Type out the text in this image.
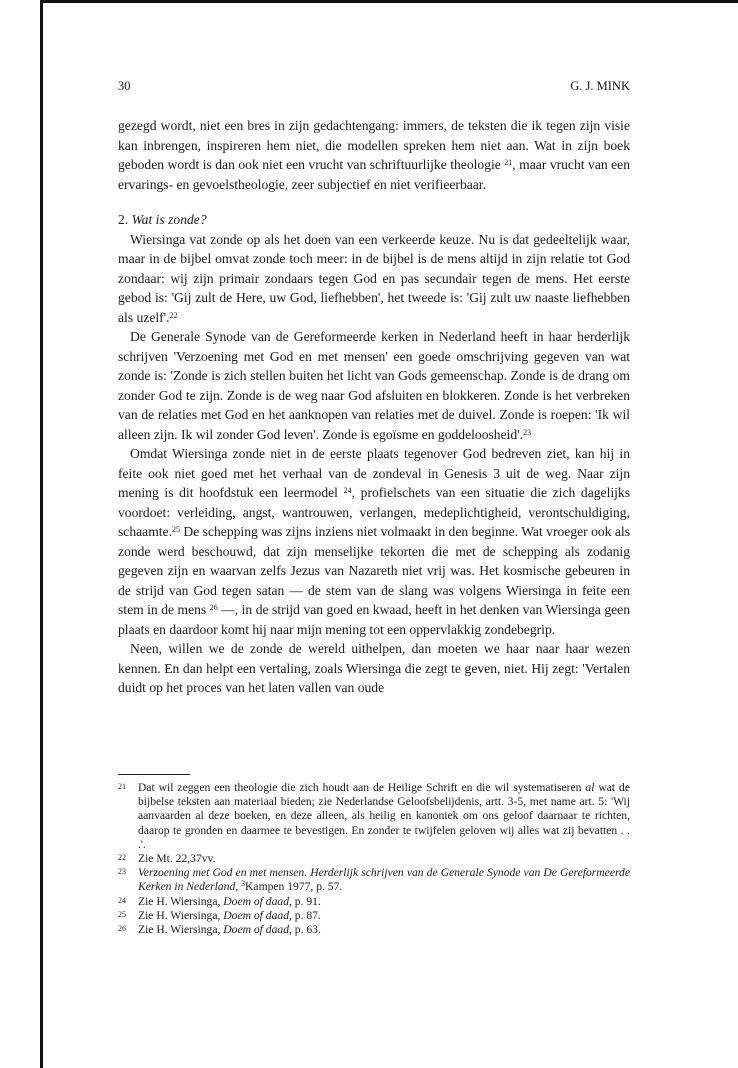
30	G. J. MINK

gezegd wordt, niet een bres in zijn gedachtengang: immers, de teksten die ik tegen zijn visie kan inbrengen, inspireren hem niet, die modellen spreken hem niet aan. Wat in zijn boek geboden wordt is dan ook niet een vrucht van schriftuurlijke theologie $^{21}$, maar vrucht van een ervarings- en gevoelstheologie, zeer subjectief en niet verifieerbaar.

2. Wat is zonde?

Wiersinga vat zonde op als het doen van een verkeerde keuze. Nu is dat gedeeltelijk waar, maar in de bijbel omvat zonde toch meer: in de bijbel is de mens altijd in zijn relatie tot God zondaar: wij zijn primair zondaars tegen God en pas secundair tegen de mens. Het eerste gebod is: 'Gij zult de Here, uw God, liefhebben', het tweede is: 'Gij zult uw naaste liefhebben als uzelf'.$^{22}$

De Generale Synode van de Gereformeerde kerken in Nederland heeft in haar herderlijk schrijven 'Verzoening met God en met mensen' een goede omschrijving gegeven van wat zonde is: 'Zonde is zich stellen buiten het licht van Gods gemeenschap. Zonde is de drang om zonder God te zijn. Zonde is de weg naar God afsluiten en blokkeren. Zonde is het verbreken van de relaties met God en het aanknopen van relaties met de duivel. Zonde is roepen: 'Ik wil alleen zijn. Ik wil zonder God leven'. Zonde is egoïsme en goddeloosheid'.$^{23}$

Omdat Wiersinga zonde niet in de eerste plaats tegenover God bedreven ziet, kan hij in feite ook niet goed met het verhaal van de zondeval in Genesis 3 uit de weg. Naar zijn mening is dit hoofdstuk een leermodel $^{24}$, profielschets van een situatie die zich dagelijks voordoet: verleiding, angst, wantrouwen, verlangen, medeplichtigheid, verontschuldiging, schaamte.$^{25}$ De schepping was zijns inziens niet volmaakt in den beginne. Wat vroeger ook als zonde werd beschouwd, dat zijn menselijke tekorten die met de schepping als zodanig gegeven zijn en waarvan zelfs Jezus van Nazareth niet vrij was. Het kosmische gebeuren in de strijd van God tegen satan — de stem van de slang was volgens Wiersinga in feite een stem in de mens $^{26}$ —, in de strijd van goed en kwaad, heeft in het denken van Wiersinga geen plaats en daardoor komt hij naar mijn mening tot een oppervlakkig zondebegrip.

Neen, willen we de zonde de wereld uithelpen, dan moeten we haar naar haar wezen kennen. En dan helpt een vertaling, zoals Wiersinga die zegt te geven, niet. Hij zegt: 'Vertalen duidt op het proces van het laten vallen van oude

21 Dat wil zeggen een theologie die zich houdt aan de Heilige Schrift en die wil systematiseren al wat de bijbelse teksten aan materiaal bieden; zie Nederlandse Geloofsbelijdenis, artt. 3-5, met name art. 5: 'Wij aanvaarden al deze boeken, en deze alleen, als heilig en kanoniek om ons geloof daarnaar te richten, daarop te gronden en daarmee te bevestigen. En zonder te twijfelen geloven wij alles wat zij bevatten . . .'.
22 Zie Mt. 22,37vv.
23 Verzoening met God en met mensen. Herderlijk schrijven van de Generale Synode van De Gereformeerde Kerken in Nederland, $^3$Kampen 1977, p. 57.
24 Zie H. Wiersinga, Doem of daad, p. 91.
25 Zie H. Wiersinga, Doem of daad, p. 87.
26 Zie H. Wiersinga, Doem of daad, p. 63.
